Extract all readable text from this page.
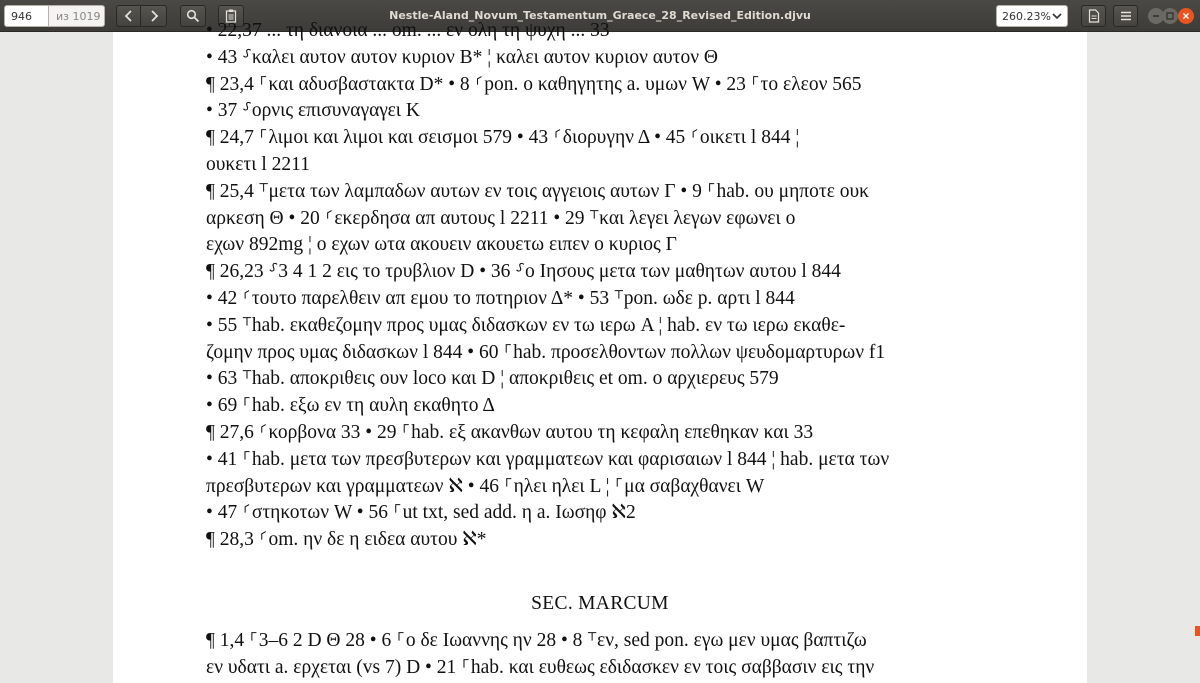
946	из 1019	Nestle-Aland_Novum_Testamentum_Graece_28_Revised_Edition.djvu	260.23%
• 22,37 ... τη διανοια ... om. ... εν ολη τη ψυχη ... 33
• 43 ⸉καλει αυτον αυτον κυριον B* ¦ καλει αυτον κυριον αυτον Θ
¶ 23,4 ⸀και αδυσβαστακτα D* • 8 ⸂pon. ο καθηγητης a. υμων W • 23 ⸀το ελεον 565
• 37 ⸉ορνις επισυναγαγει K
¶ 24,7 ⸀λιμοι και λιμοι και σεισμοι 579 • 43 ⸂διορυγην Δ • 45 ⸂οικετι l 844 ¦
ουκετι l 2211
¶ 25,4 ⸆μετα των λαμπαδων αυτων εν τοις αγγειοις αυτων Γ • 9 ⸀hab. ου μηποτε ουκ
αρκεση Θ • 20 ⸂εκερδησα απ αυτους l 2211 • 29 ⸆και λεγει λεγων εφωνει ο
εχων 892mg ¦ ο εχων ωτα ακουειν ακουετω ειπεν ο κυριος Γ
¶ 26,23 ⸉3 4 1 2 εις το τρυβλιον D • 36 ⸉ο Ιησους μετα των μαθητων αυτου l 844
• 42 ⸂τουτο παρελθειν απ εμου το ποτηριον Δ* • 53 ⸆pon. ωδε p. αρτι l 844
• 55 ⸆hab. εκαθεζομην προς υμας διδασκων εν τω ιερω A ¦ hab. εν τω ιερω εκαθε-
ζομην προς υμας διδασκων l 844 • 60 ⸀hab. προσελθοντων πολλων ψευδομαρτυρων f1
• 63 ⸆hab. αποκριθεις ουν loco και D ¦ αποκριθεις et om. ο αρχιερευς 579
• 69 ⸀hab. εξω εν τη αυλη εκαθητο Δ
¶ 27,6 ⸂κορβονα 33 • 29 ⸀hab. εξ ακανθων αυτου τη κεφαλη επεθηκαν και 33
• 41 ⸀hab. μετα των πρεσβυτερων και γραμματεων και φαρισαιων l 844 ¦ hab. μετα των
πρεσβυτερων και γραμματεων ℵ • 46 ⸀ηλει ηλει L ¦ ⸀μα σαβαχθανει W
• 47 ⸂στηκοτων W • 56 ⸀ut txt, sed add. η a. Ιωσηφ ℵ2
¶ 28,3 ⸂om. ην δε η ειδεα αυτου ℵ*
SEC. MARCUM
¶ 1,4 ⸀3–6 2 D Θ 28 • 6 ⸀ο δε Ιωαννης ην 28 • 8 ⸆εν, sed pon. εγω μεν υμας βαπτιζω
εν υδατι a. ερχεται (vs 7) D • 21 ⸀hab. και ευθεως εδιδασκεν εν τοις σαββασιν εις την
